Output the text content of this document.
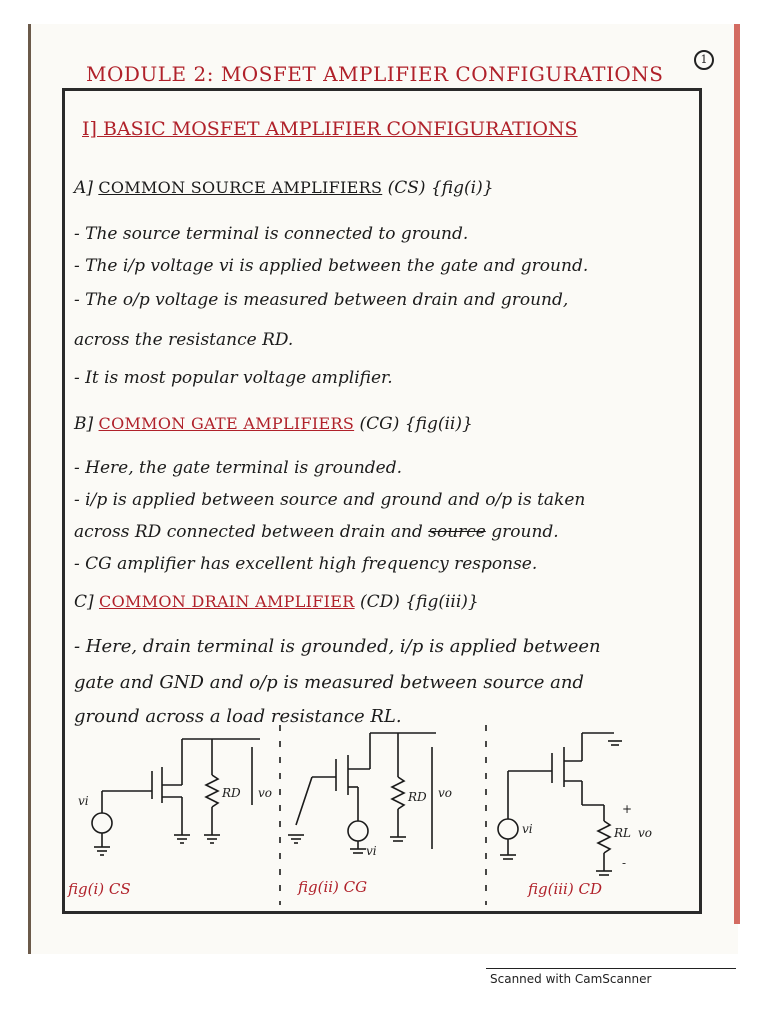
MODULE 2: MOSFET AMPLIFIER CONFIGURATIONS
1
I] BASIC MOSFET AMPLIFIER CONFIGURATIONS
A] COMMON SOURCE AMPLIFIERS (CS) {fig(i)}
- The source terminal is connected to ground.
- The i/p voltage vi is applied between the gate and ground.
- The o/p voltage is measured between drain and ground,
across the resistance RD.
- It is most popular voltage amplifier.
B] COMMON GATE AMPLIFIERS (CG) {fig(ii)}
- Here, the gate terminal is grounded.
- i/p is applied between source and ground and o/p is taken
across RD connected between drain and source ground.
- CG amplifier has excellent high frequency response.
C] COMMON DRAIN AMPLIFIER (CD) {fig(iii)}
- Here, drain terminal is grounded, i/p is applied between
gate and GND and o/p is measured between source and
ground across a load resistance RL.
vi
RD vo
vi
RD vo
vi	RL vo
+
-
fig(i) CS	fig(ii) CG	fig(iii) CD
Scanned with CamScanner
